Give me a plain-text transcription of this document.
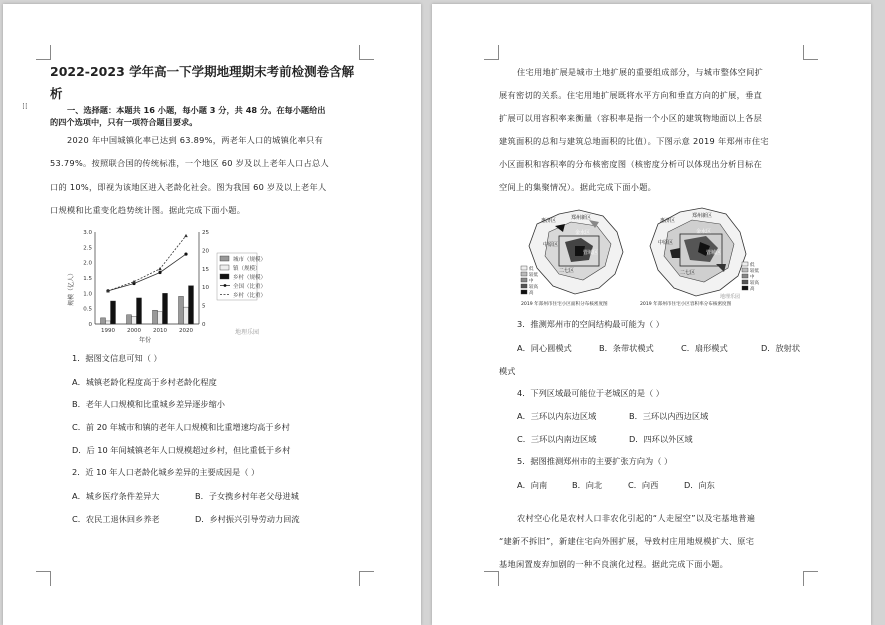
⁞⁞
2022-2023 学年高一下学期地理期末考前检测卷含解
析
一、选择题：本题共 16 小题，每小题 3 分，共 48 分。在每小题给出
的四个选项中，只有一项符合题目要求。
2020 年中国城镇化率已达到 63.89%，两老年人口的城镇化率只有
53.79%。按照联合国的传统标准，一个地区 60 岁及以上老年人口占总人
口的 10%，即视为该地区进入老龄化社会。图为我国 60 岁及以上老年人
口规模和比重变化趋势统计图。据此完成下面小题。
规模（亿人）
年份
城市（规模）
镇（规模）
乡村（规模）
全国（比重）
乡村（比重）
地理乐园
0
0.5
1.0
1.5
2.0
2.5
3.0
0
5
10
15
20
25
1990 2000 2010 2020
1．据图文信息可知（ ）
A．城镇老龄化程度高于乡村老龄化程度
B．老年人口规模和比重城乡差异逐步缩小
C．前 20 年城市和镇的老年人口规模和比重增速均高于乡村
D．后 10 年间城镇老年人口规模超过乡村，但比重低于乡村
2．近 10 年人口老龄化城乡差异的主要成因是（ ）
A．城乡医疗条件差异大	B．子女携乡村年老父母进城
C．农民工退休回乡养老	D．乡村振兴引导劳动力回流
住宅用地扩展是城市土地扩展的重要组成部分，与城市整体空间扩
展有密切的关系。住宅用地扩展既将水平方向和垂直方向的扩展，垂直
扩展可以用容积率来衡量（容积率是指一个小区的建筑物地面以上各层
建筑面积的总和与建筑总地面积的比值）。下图示意 2019 年郑州市住宅
小区面积和容积率的分布核密度图（核密度分析可以体现出分析目标在
空间上的集聚情况）。据此完成下面小题。
低
较低
中
较高
高
惠济区	郑州新区
中原区
金水区
管城区
二七区
2019 年郑州市住宅小区面积分布核密度图
惠济区
郑州新区
中原区
金水区
管城区
二七区
低
较低
中
较高
高
地理乐园
2019 年郑州市住宅小区容积率分布核密度图
3．推测郑州市的空间结构最可能为（ ）
A．同心圆模式	B．条带状模式	C．扇形模式	D．放射状
模式
4．下列区域最可能位于老城区的是（ ）
A．三环以内东边区域	B．三环以内西边区域
C．三环以内南边区域	D．四环以外区域
5．据图推测郑州市的主要扩张方向为（ ）
A．向南	B．向北	C．向西	D．向东
农村空心化是农村人口非农化引起的“人走屋空”以及宅基地普遍
“建新不拆旧”，新建住宅向外围扩展，导致村庄用地规模扩大、原宅
基地闲置废弃加剧的一种不良演化过程。据此完成下面小题。
